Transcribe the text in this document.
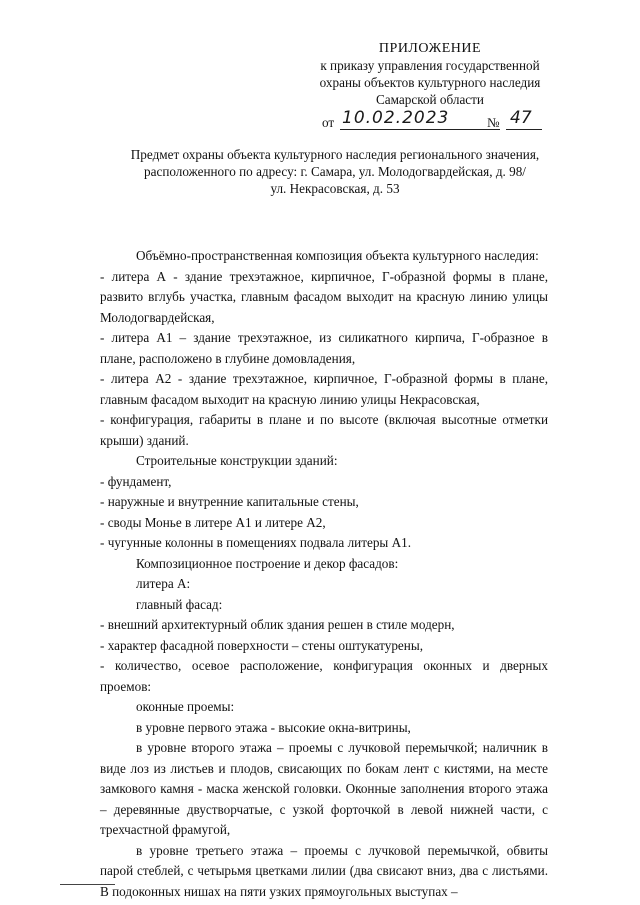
ПРИЛОЖЕНИЕ
к приказу управления государственной
охраны объектов культурного наследия
Самарской области
от 10.02.2023	№ 47
Предмет охраны объекта культурного наследия регионального значения,
расположенного по адресу: г. Самара, ул. Молодогвардейская, д. 98/
ул. Некрасовская, д. 53

Объёмно-пространственная композиция объекта культурного наследия:

- литера А - здание трехэтажное, кирпичное, Г-образной формы в плане, развито вглубь участка, главным фасадом выходит на красную линию улицы Молодогвардейская,

- литера А1 – здание трехэтажное, из силикатного кирпича, Г-образное в плане, расположено в глубине домовладения,

- литера А2 - здание трехэтажное, кирпичное, Г-образной формы в плане, главным фасадом выходит на красную линию улицы Некрасовская,

- конфигурация, габариты в плане и по высоте (включая высотные отметки крыши) зданий.

Строительные конструкции зданий:

- фундамент,

- наружные и внутренние капитальные стены,

- своды Монье в литере А1 и литере А2,

- чугунные колонны в помещениях подвала литеры А1.

Композиционное построение и декор фасадов:

литера А:

главный фасад:

- внешний архитектурный облик здания решен в стиле модерн,

- характер фасадной поверхности – стены оштукатурены,

- количество, осевое расположение, конфигурация оконных и дверных проемов:

оконные проемы:

в уровне первого этажа - высокие окна-витрины,

в уровне второго этажа – проемы с лучковой перемычкой; наличник в виде лоз из листьев и плодов, свисающих по бокам лент с кистями, на месте замкового камня - маска женской головки. Оконные заполнения второго этажа – деревянные двустворчатые, с узкой форточкой в левой нижней части, с трехчастной фрамугой,

в уровне третьего этажа – проемы с лучковой перемычкой, обвиты парой стеблей, с четырьмя цветками лилии (два свисают вниз, два с листьями. В подоконных нишах на пяти узких прямоугольных выступах –
